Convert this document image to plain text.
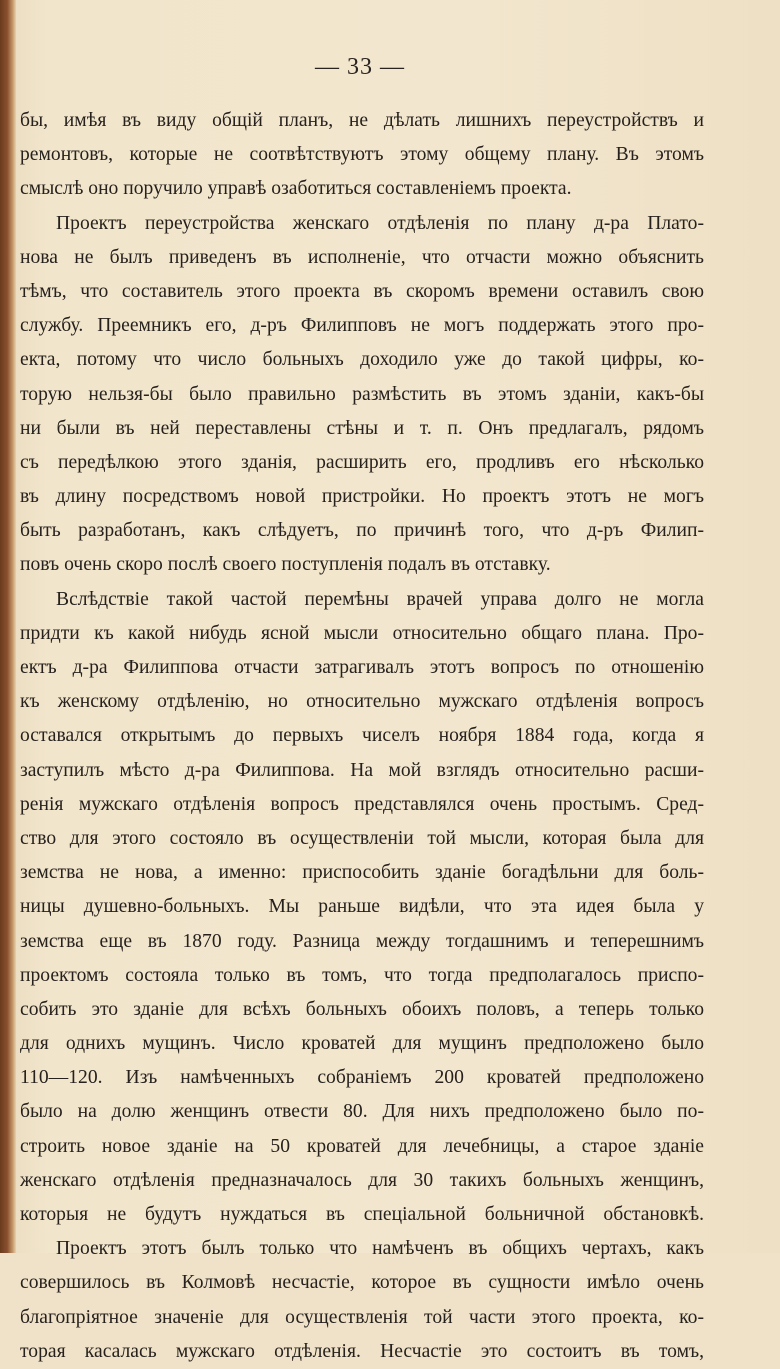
— 33 —
бы, имѣя въ виду общій планъ, не дѣлать лишнихъ переустройствъ и
ремонтовъ, которые не соотвѣтствуютъ этому общему плану. Въ этомъ
смыслѣ оно поручило управѣ озаботиться составленіемъ проекта.
Проектъ переустройства женскаго отдѣленія по плану д-ра Плато-
нова не былъ приведенъ въ исполненіе, что отчасти можно объяснить
тѣмъ, что составитель этого проекта въ скоромъ времени оставилъ свою
службу. Преемникъ его, д-ръ Филипповъ не могъ поддержать этого про-
екта, потому что число больныхъ доходило уже до такой цифры, ко-
торую нельзя-бы было правильно размѣстить въ этомъ зданіи, какъ-бы
ни были въ ней переставлены стѣны и т. п. Онъ предлагалъ, рядомъ
съ передѣлкою этого зданія, расширить его, продливъ его нѣсколько
въ длину посредствомъ новой пристройки. Но проектъ этотъ не могъ
быть разработанъ, какъ слѣдуетъ, по причинѣ того, что д-ръ Филип-
повъ очень скоро послѣ своего поступленія подалъ въ отставку.
Вслѣдствіе такой частой перемѣны врачей управа долго не могла
придти къ какой нибудь ясной мысли относительно общаго плана. Про-
ектъ д-ра Филиппова отчасти затрагивалъ этотъ вопросъ по отношенію
къ женскому отдѣленію, но относительно мужскаго отдѣленія вопросъ
оставался открытымъ до первыхъ чиселъ ноября 1884 года, когда я
заступилъ мѣсто д-ра Филиппова. На мой взглядъ относительно расши-
ренія мужскаго отдѣленія вопросъ представлялся очень простымъ. Сред-
ство для этого состояло въ осуществленіи той мысли, которая была для
земства не нова, а именно: приспособить зданіе богадѣльни для боль-
ницы душевно-больныхъ. Мы раньше видѣли, что эта идея была у
земства еще въ 1870 году. Разница между тогдашнимъ и теперешнимъ
проектомъ состояла только въ томъ, что тогда предполагалось приспо-
собить это зданіе для всѣхъ больныхъ обоихъ половъ, а теперь только
для однихъ мущинъ. Число кроватей для мущинъ предположено было
110—120. Изъ намѣченныхъ собраніемъ 200 кроватей предположено
было на долю женщинъ отвести 80. Для нихъ предположено было по-
строить новое зданіе на 50 кроватей для лечебницы, а старое зданіе
женскаго отдѣленія предназначалось для 30 такихъ больныхъ женщинъ,
которыя не будутъ нуждаться въ спеціальной больничной обстановкѣ.
Проектъ этотъ былъ только что намѣченъ въ общихъ чертахъ, какъ
совершилось въ Колмовѣ несчастіе, которое въ сущности имѣло очень
благопріятное значеніе для осуществленія той части этого проекта, ко-
торая касалась мужскаго отдѣленія. Несчастіе это состоитъ въ томъ,
